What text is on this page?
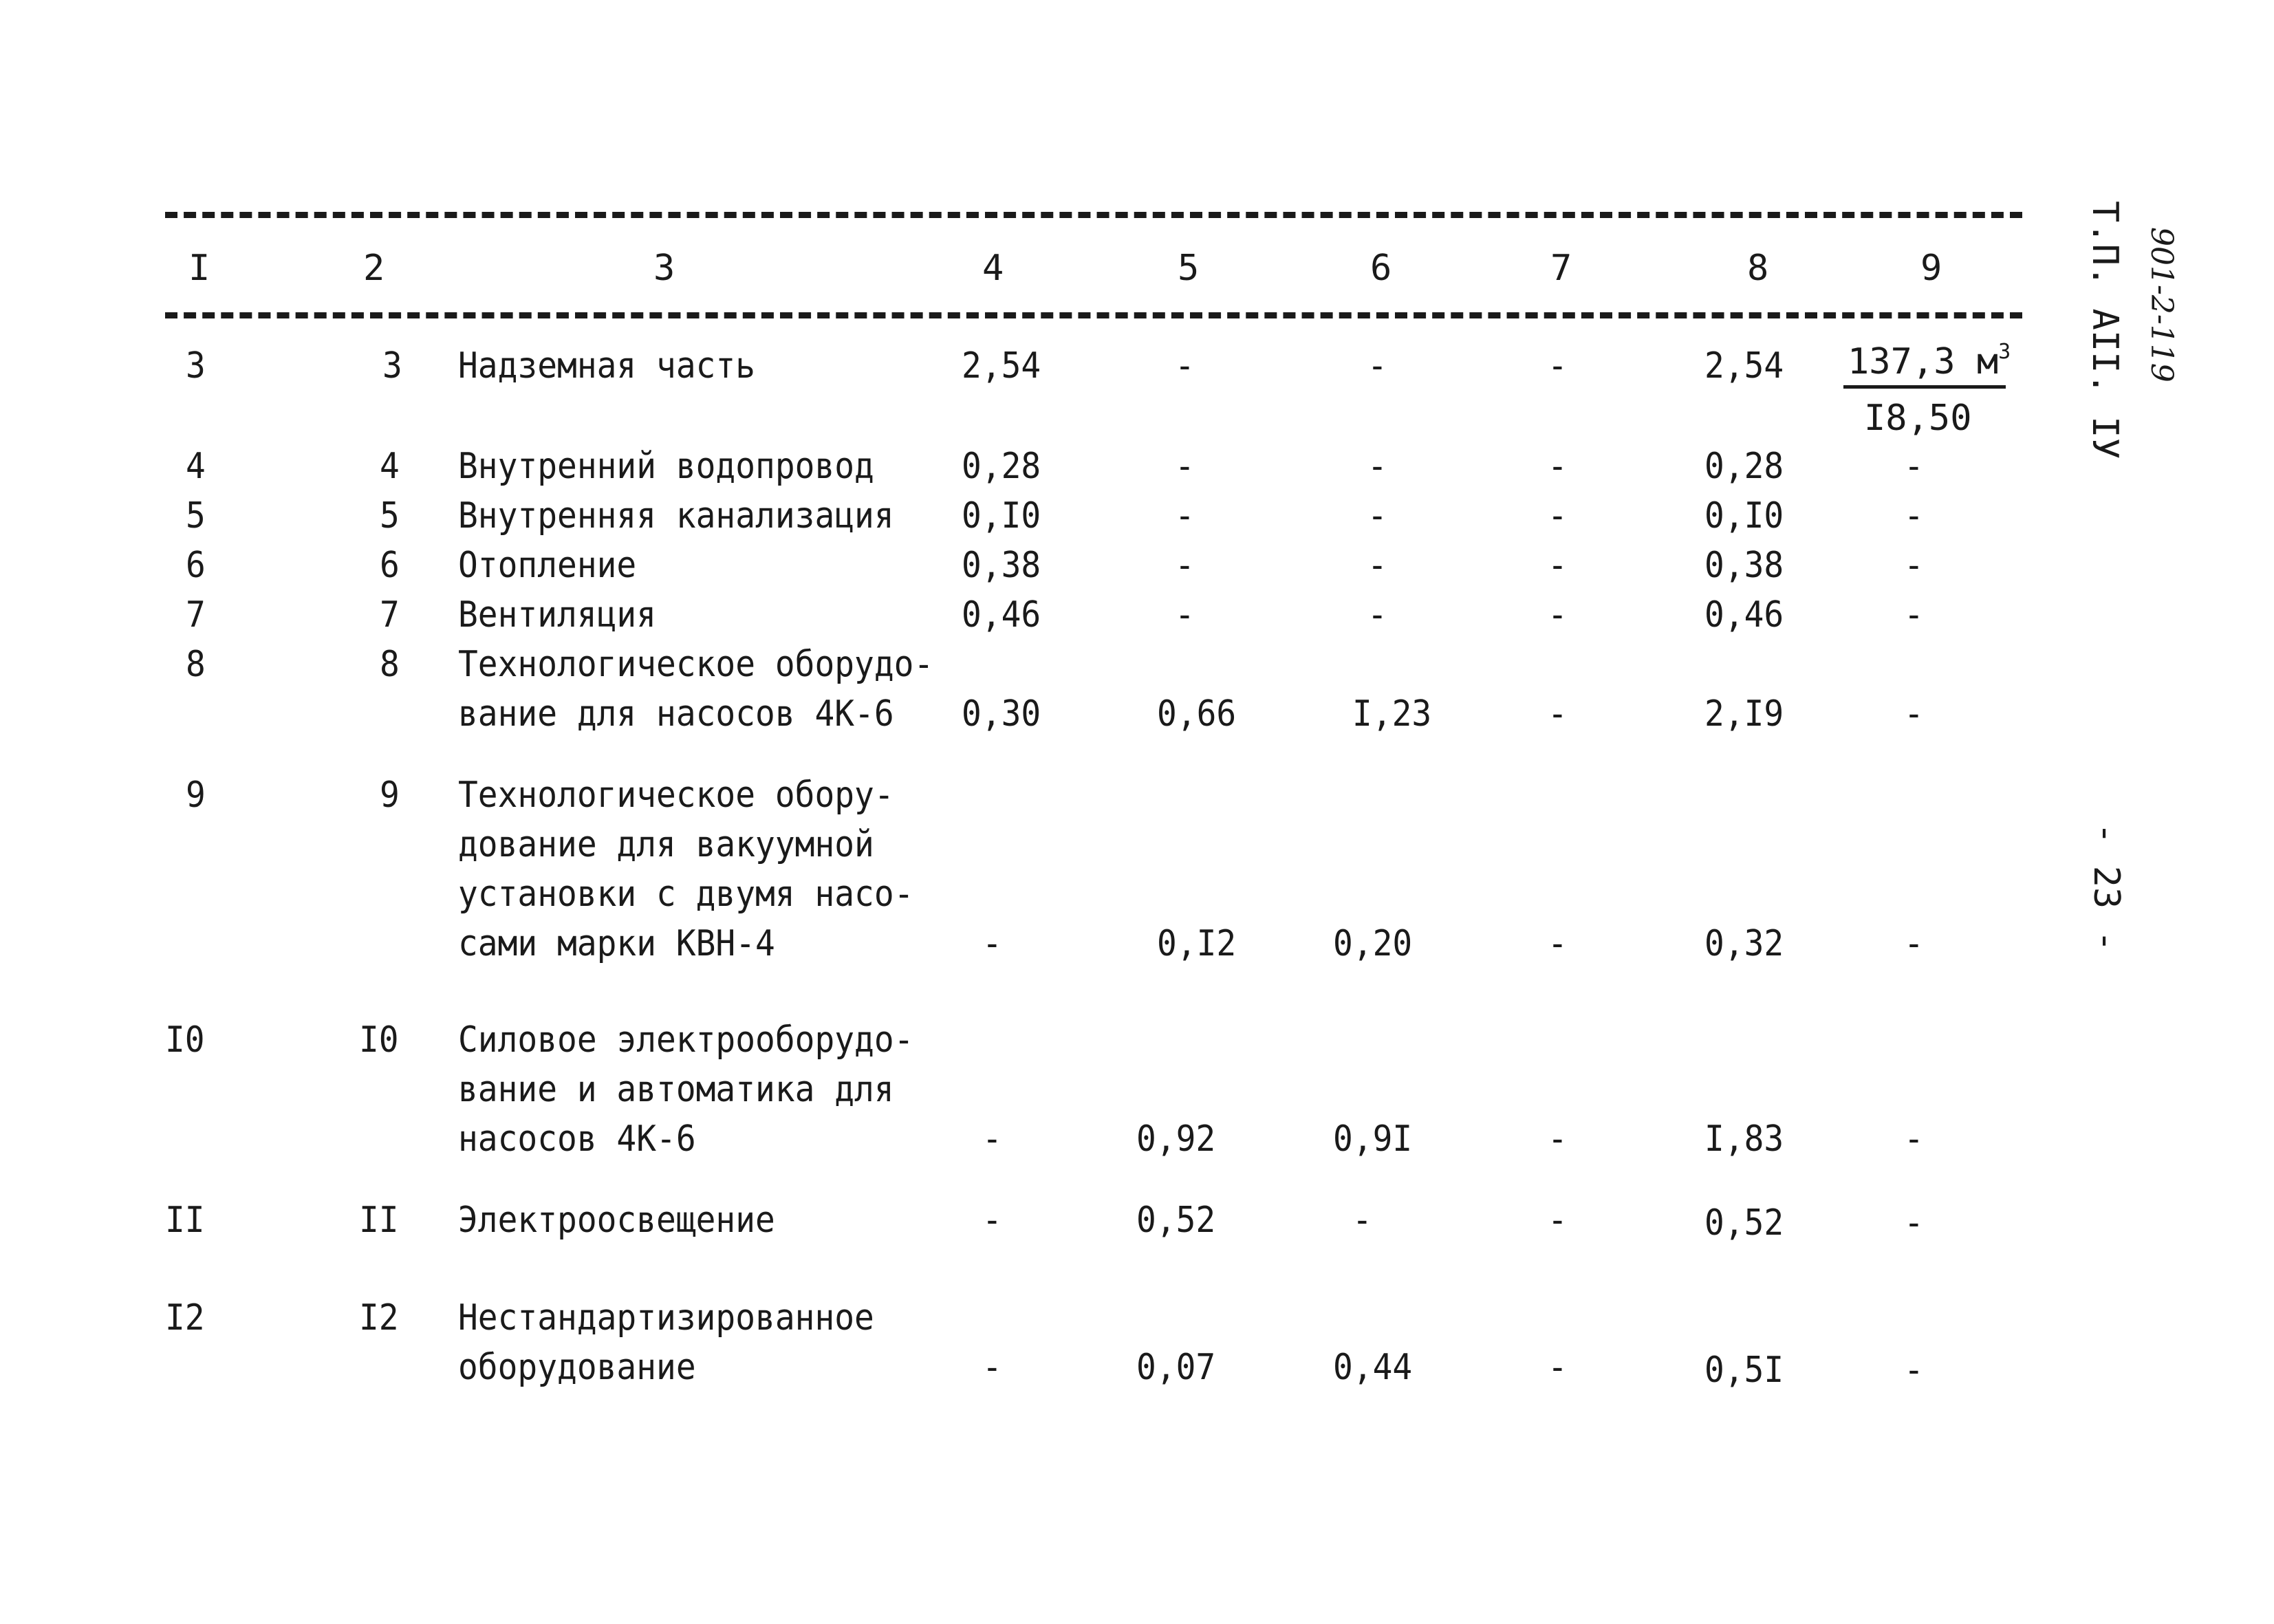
I	2	3	4	5	6	7	8	9
3	3 Надземная часть	2,54	-	-	-	2,54 137,3 $м^3$
I8,50
4	4 Внутренний водопровод 0,28	-	-	-	0,28	-
5	5 Внутренняя канализация 0,I0	-	-	-	0,I0	-
6	6 Отопление	0,38	-	-	-	0,38	-
7	7 Вентиляция	0,46	-	-	-	0,46	-
8	8 Технологическое оборудо-
вание для насосов 4К-6	0,30	0,66	I,23	-	2,I9	-
9	9 Технологическое обору-
дование для вакуумной
установки с двумя насо-
сами марки КВН-4	-	0,I2	0,20	-	0,32	-
I0	I0 Силовое электрооборудо-
вание и автоматика для
насосов 4К-6	-	0,92	0,9I	-	I,83	-
II	II Электроосвещение	-	0,52	-	-	0,52	-
I2	I2 Нестандартизированное
оборудование	-	0,07	0,44	-	0,5I	-
901-2-119
Т.П. АII. IУ
- 23 -
